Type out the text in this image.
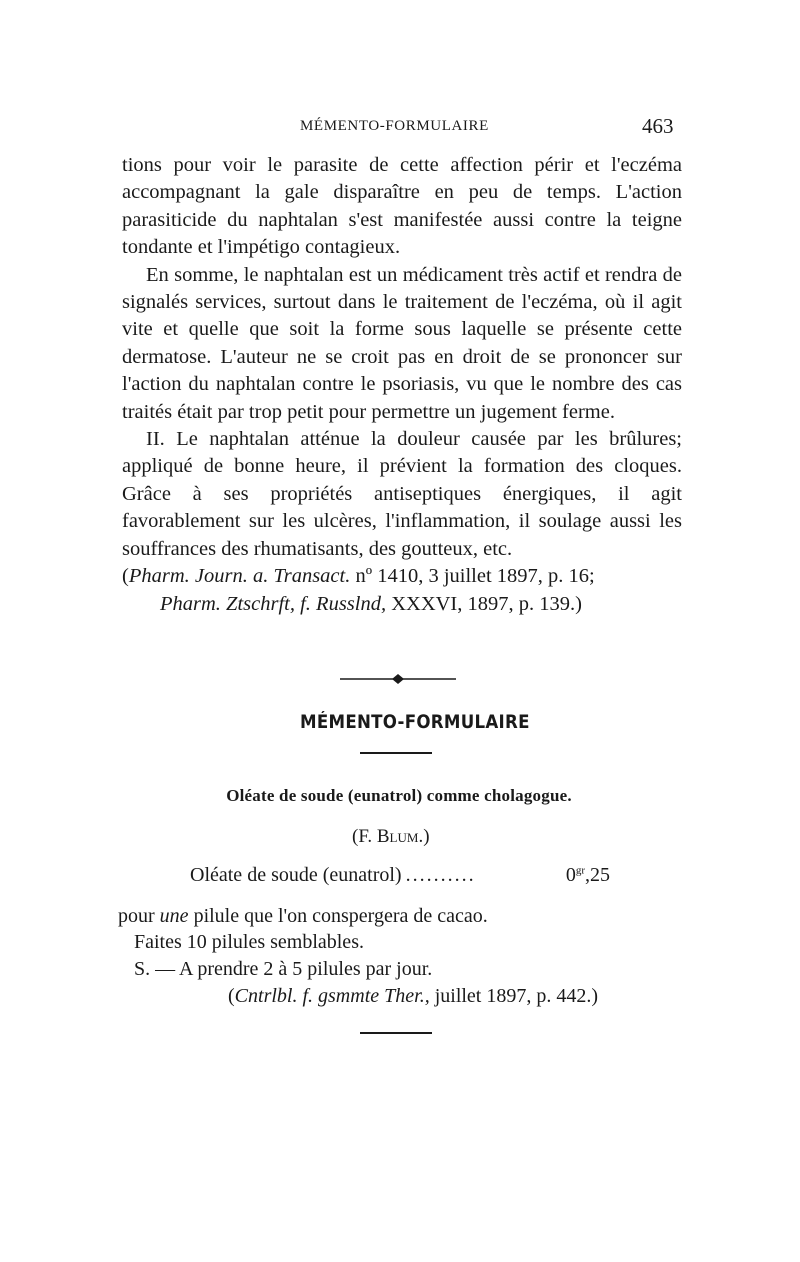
MÉMENTO-FORMULAIRE	463

tions pour voir le parasite de cette affection périr et l'eczéma accompagnant la gale disparaître en peu de temps. L'action parasiticide du naphtalan s'est manifestée aussi contre la teigne tondante et l'impétigo contagieux.

En somme, le naphtalan est un médicament très actif et rendra de signalés services, surtout dans le traitement de l'eczéma, où il agit vite et quelle que soit la forme sous laquelle se présente cette dermatose. L'auteur ne se croit pas en droit de se prononcer sur l'action du naphtalan contre le psoriasis, vu que le nombre des cas traités était par trop petit pour permettre un jugement ferme.

II. Le naphtalan atténue la douleur causée par les brûlures; appliqué de bonne heure, il prévient la formation des cloques. Grâce à ses propriétés antiseptiques énergiques, il agit favorablement sur les ulcères, l'inflammation, il soulage aussi les souffrances des rhumatisants, des goutteux, etc.

(Pharm. Journ. a. Transact. nº 1410, 3 juillet 1897, p. 16;

Pharm. Ztschrft, f. Russlnd, XXXVI, 1897, p. 139.)

MÉMENTO-FORMULAIRE
Oléate de soude (eunatrol) comme cholagogue.
(F. Blum.)
Oléate de soude (eunatrol) ..........	$0^{gr},25$
pour une pilule que l'on conspergera de cacao.
Faites 10 pilules semblables.
S. — A prendre 2 à 5 pilules par jour.
(Cntrlbl. f. gsmmte Ther., juillet 1897, p. 442.)
